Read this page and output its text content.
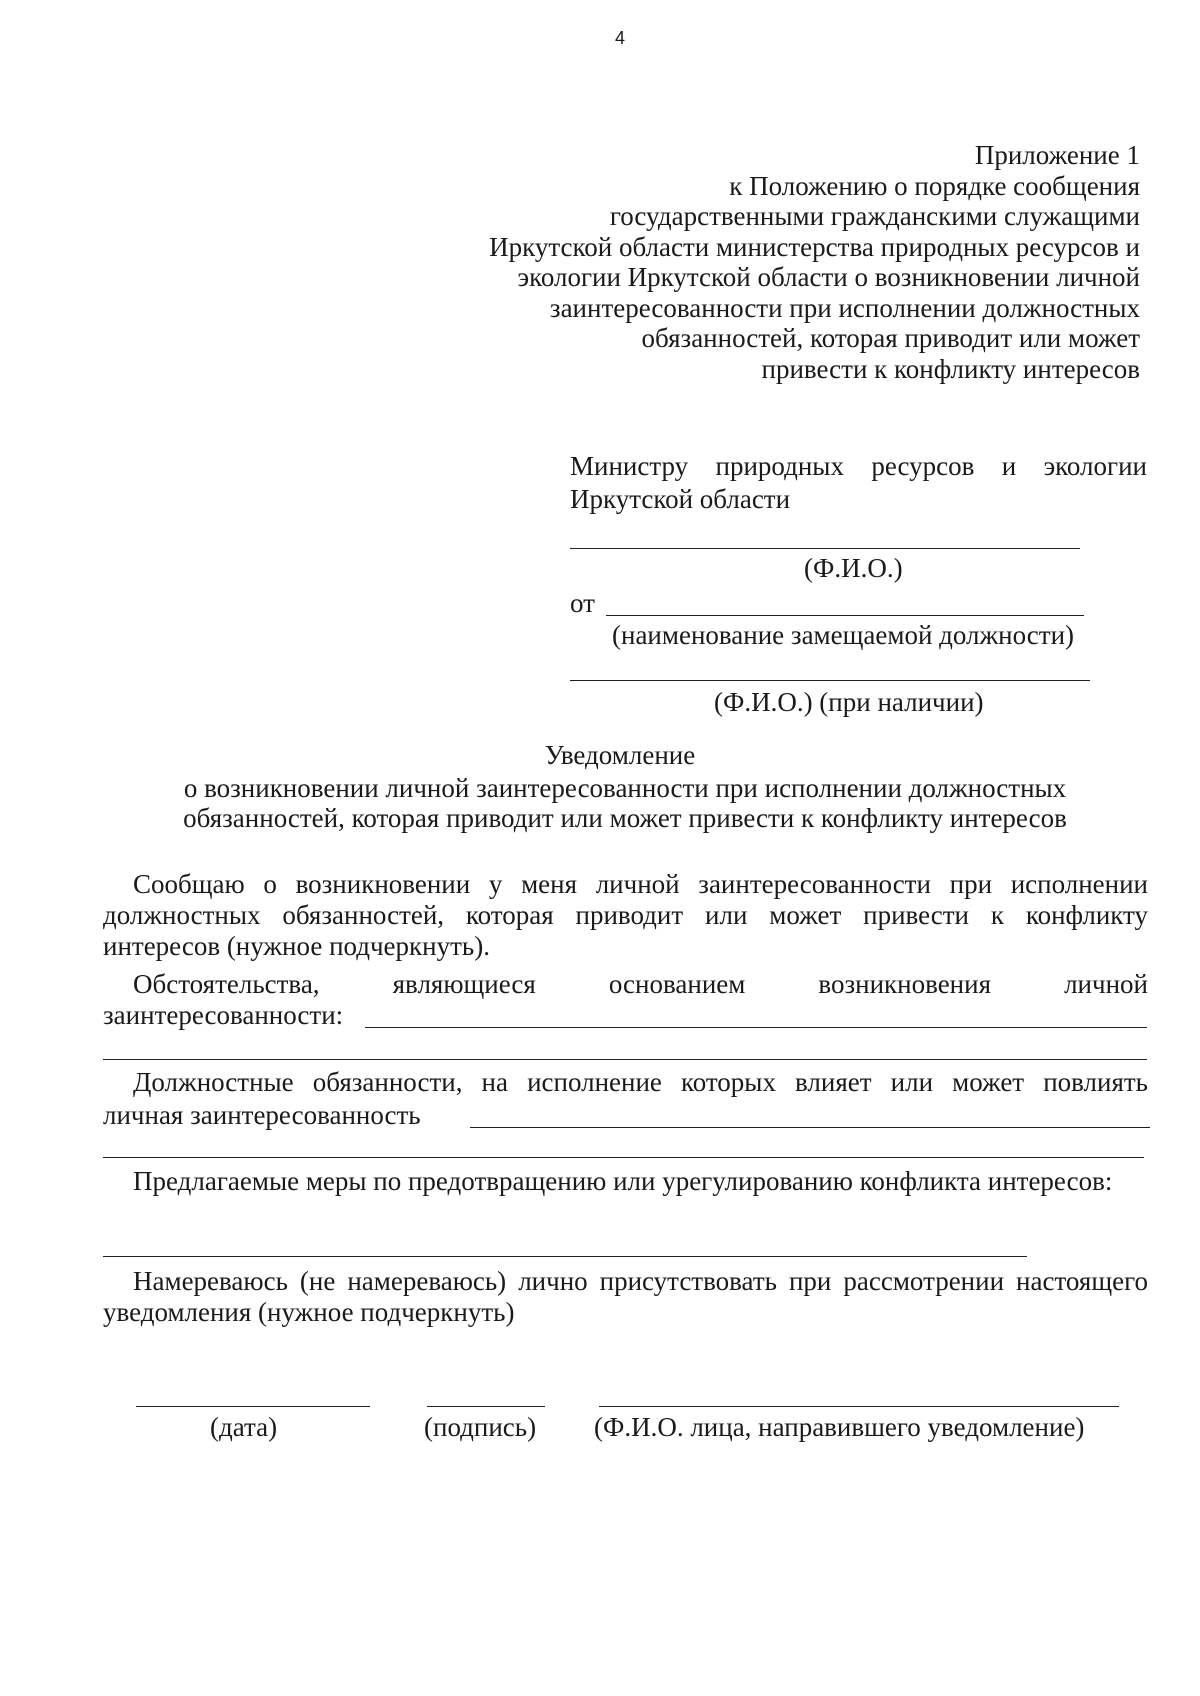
4
Приложение 1
к Положению о порядке сообщения
государственными гражданскими служащими
Иркутской области министерства природных ресурсов и
экологии Иркутской области о возникновении личной
заинтересованности при исполнении должностных
обязанностей, которая приводит или может
привести к конфликту интересов
Министру природных ресурсов и экологии Иркутской области
(Ф.И.О.)
от
(наименование замещаемой должности)
(Ф.И.О.) (при наличии)
Уведомление
о возникновении личной заинтересованности при исполнении должностных
обязанностей, которая приводит или может привести к конфликту интересов
Сообщаю о возникновении у меня личной заинтересованности при исполнении должностных обязанностей, которая приводит или может привести к конфликту интересов (нужное подчеркнуть).
Обстоятельства, являющиеся основанием возникновения личной
заинтересованности:
Должностные обязанности, на исполнение которых влияет или может повлиять
личная заинтересованность
Предлагаемые меры по предотвращению или урегулированию конфликта интересов:
Намереваюсь (не намереваюсь) лично присутствовать при рассмотрении настоящего уведомления (нужное подчеркнуть)
(дата)	(подпись) (Ф.И.О. лица, направившего уведомление)
